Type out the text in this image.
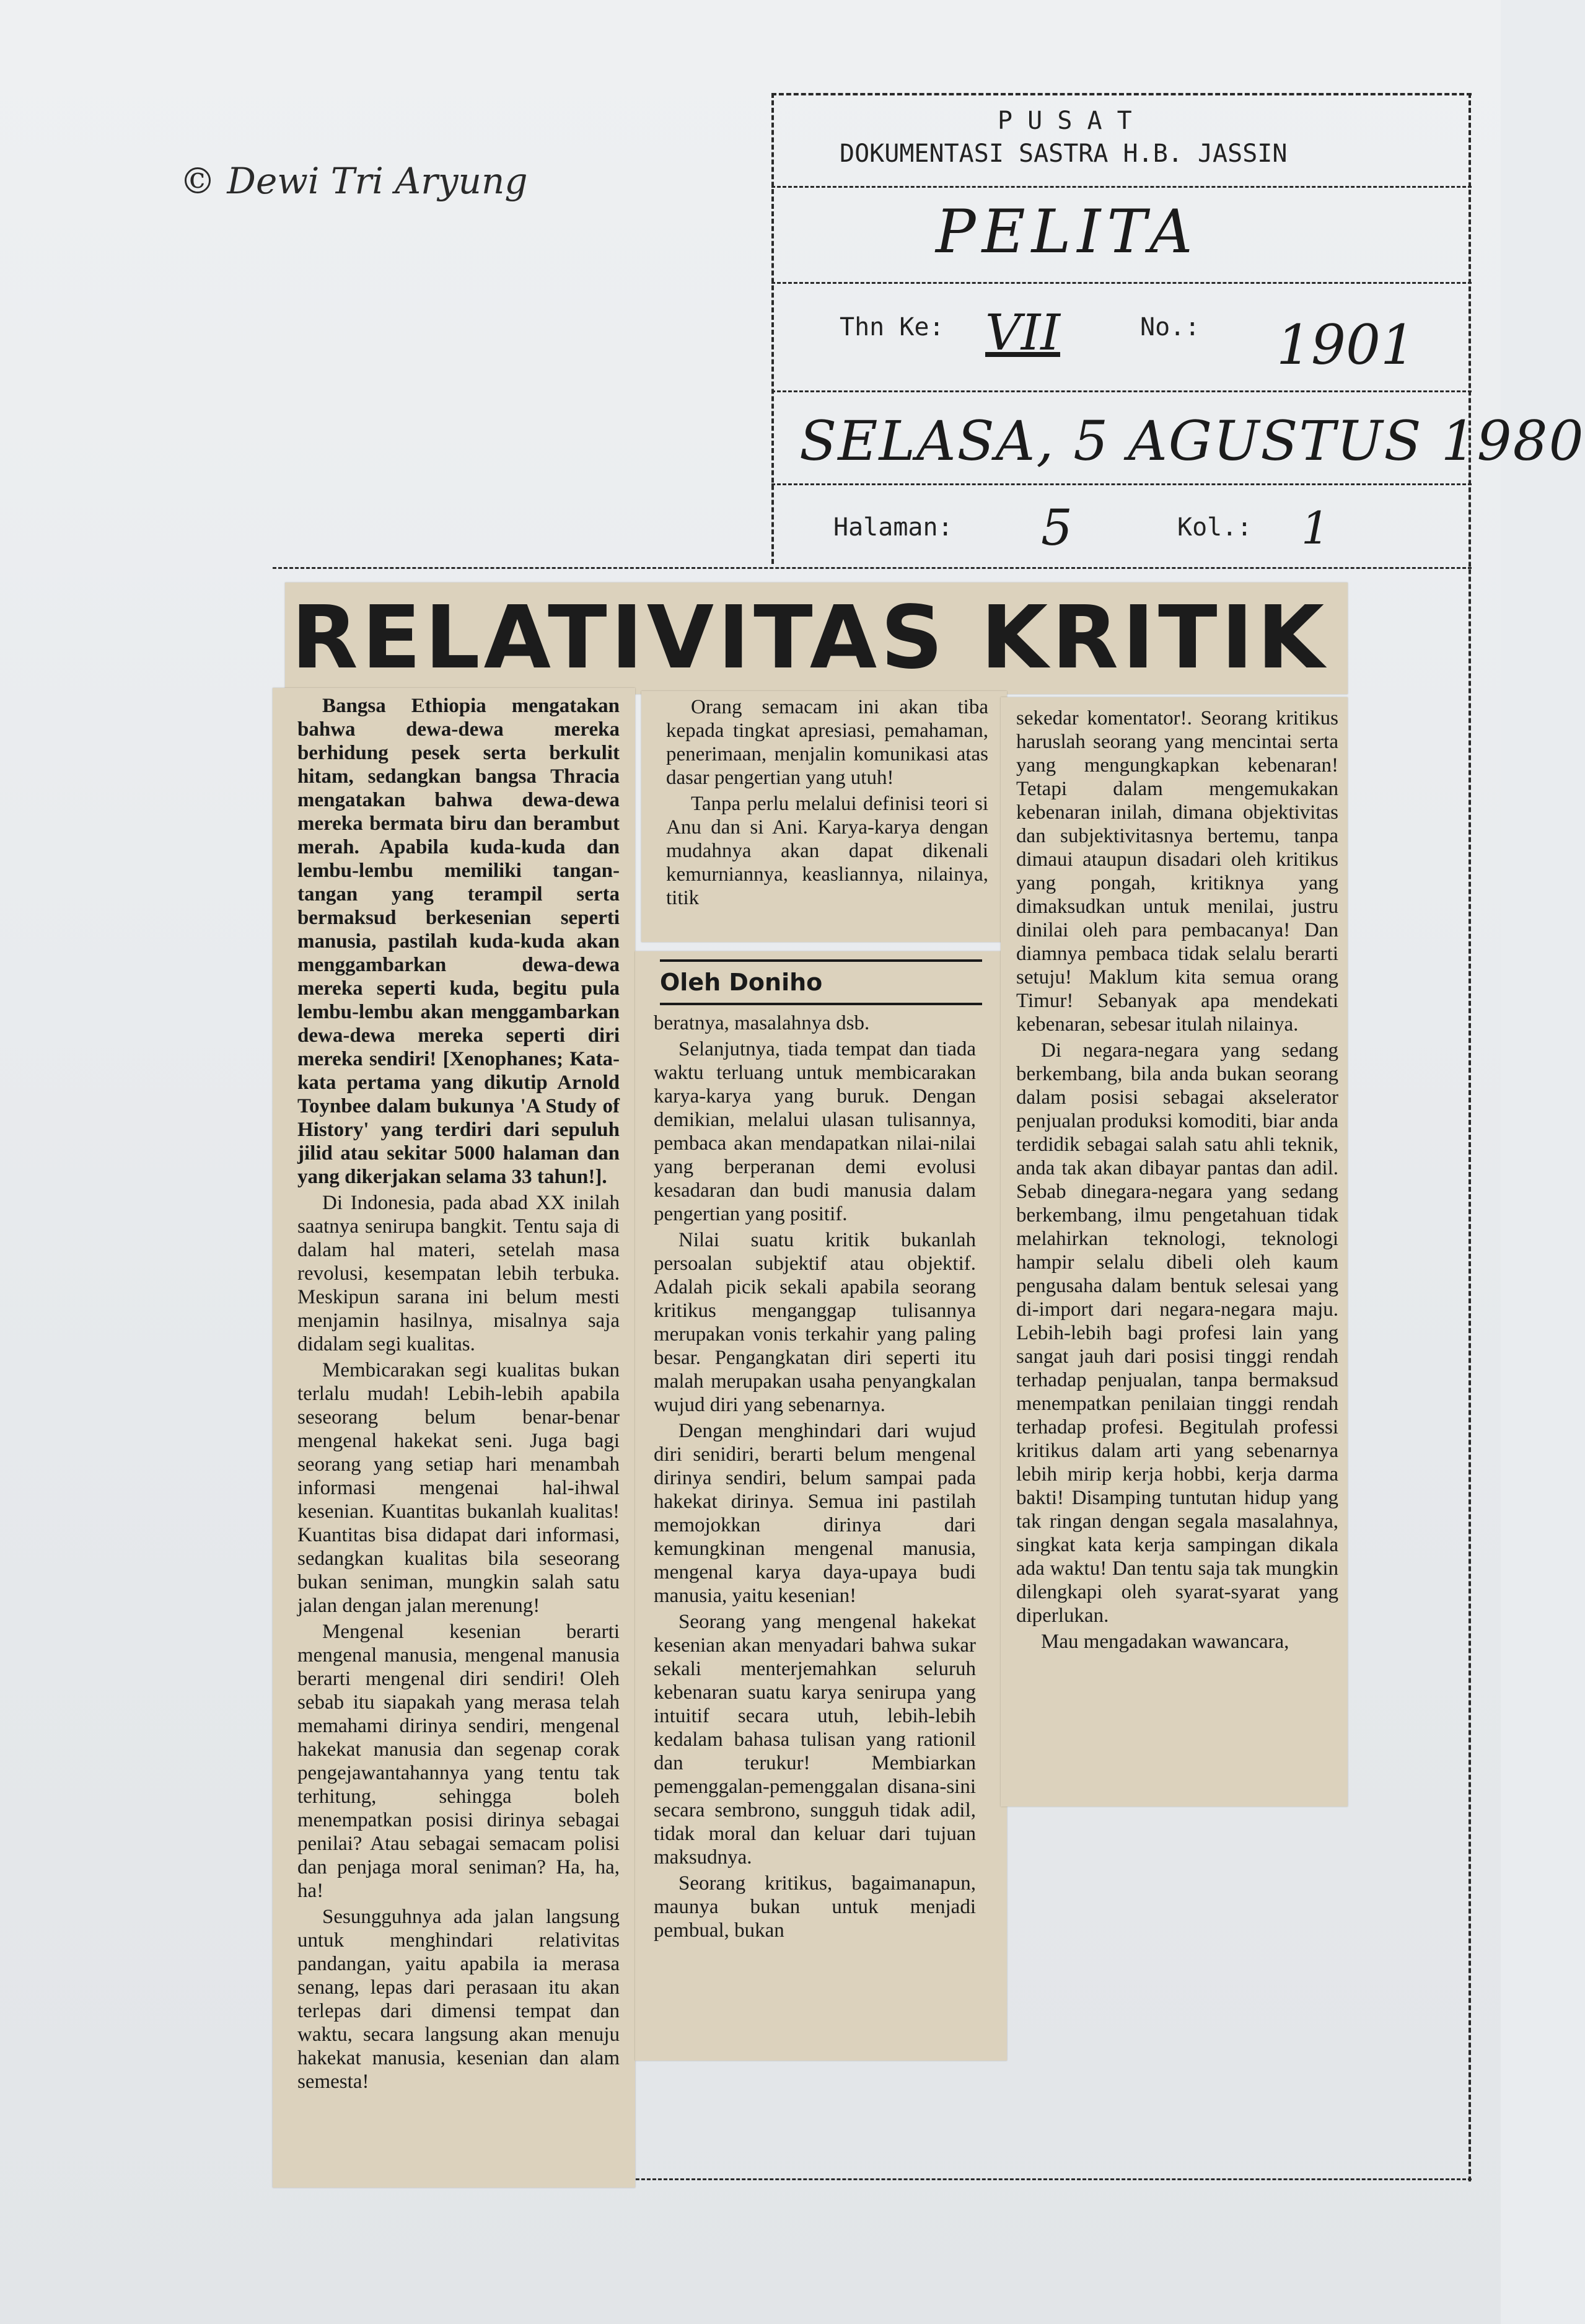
P U S A T
DOKUMENTASI SASTRA H.B. JASSIN
PELITA
Thn Ke: VII	No.: 1901
SELASA, 5 AGUSTUS 1980
Halaman: 5	Kol.: 1
© Dewi Tri Aryung
RELATIVITAS KRITIK

Bangsa Ethiopia mengatakan bahwa dewa-dewa mereka berhidung pesek serta berkulit hitam, sedangkan bangsa Thracia mengatakan bahwa dewa-dewa mereka bermata biru dan berambut merah. Apabila kuda-kuda dan lembu-lembu memiliki tangan-tangan yang terampil serta bermaksud berkesenian seperti manusia, pastilah kuda-kuda akan menggambarkan dewa-dewa mereka seperti kuda, begitu pula lembu-lembu akan menggambarkan dewa-dewa mereka seperti diri mereka sendiri! [Xenophanes; Kata-kata pertama yang dikutip Arnold Toynbee dalam bukunya 'A Study of History' yang terdiri dari sepuluh jilid atau sekitar 5000 halaman dan yang dikerjakan selama 33 tahun!].

Di Indonesia, pada abad XX inilah saatnya senirupa bangkit. Tentu saja di dalam hal materi, setelah masa revolusi, kesempatan lebih terbuka. Meskipun sarana ini belum mesti menjamin hasilnya, misalnya saja didalam segi kualitas.

Membicarakan segi kualitas bukan terlalu mudah! Lebih-lebih apabila seseorang belum benar-benar mengenal hakekat seni. Juga bagi seorang yang setiap hari menambah informasi mengenai hal-ihwal kesenian. Kuantitas bukanlah kualitas! Kuantitas bisa didapat dari informasi, sedangkan kualitas bila seseorang bukan seniman, mungkin salah satu jalan dengan jalan merenung!

Mengenal kesenian berarti mengenal manusia, mengenal manusia berarti mengenal diri sendiri! Oleh sebab itu siapakah yang merasa telah memahami dirinya sendiri, mengenal hakekat manusia dan segenap corak pengejawantahannya yang tentu tak terhitung, sehingga boleh menempatkan posisi dirinya sebagai penilai? Atau sebagai semacam polisi dan penjaga moral seniman? Ha, ha, ha!

Sesungguhnya ada jalan langsung untuk menghindari relativitas pandangan, yaitu apabila ia merasa senang, lepas dari perasaan itu akan terlepas dari dimensi tempat dan waktu, secara langsung akan menuju hakekat manusia, kesenian dan alam semesta!

Orang semacam ini akan tiba kepada tingkat apresiasi, pemahaman, penerimaan, menjalin komunikasi atas dasar pengertian yang utuh!

Tanpa perlu melalui definisi teori si Anu dan si Ani. Karya-karya dengan mudahnya akan dapat dikenali kemurniannya, keasliannya, nilainya, titik

Oleh Doniho

beratnya, masalahnya dsb.

Selanjutnya, tiada tempat dan tiada waktu terluang untuk membicarakan karya-karya yang buruk. Dengan demikian, melalui ulasan tulisannya, pembaca akan mendapatkan nilai-nilai yang berperanan demi evolusi kesadaran dan budi manusia dalam pengertian yang positif.

Nilai suatu kritik bukanlah persoalan subjektif atau objektif. Adalah picik sekali apabila seorang kritikus menganggap tulisannya merupakan vonis terkahir yang paling besar. Pengangkatan diri seperti itu malah merupakan usaha penyangkalan wujud diri yang sebenarnya.

Dengan menghindari dari wujud diri senidiri, berarti belum mengenal dirinya sendiri, belum sampai pada hakekat dirinya. Semua ini pastilah memojokkan dirinya dari kemungkinan mengenal manusia, mengenal karya daya-upaya budi manusia, yaitu kesenian!

Seorang yang mengenal hakekat kesenian akan menyadari bahwa sukar sekali menterjemahkan seluruh kebenaran suatu karya senirupa yang intuitif secara utuh, lebih-lebih kedalam bahasa tulisan yang rationil dan terukur! Membiarkan pemenggalan-pemenggalan disana-sini secara sembrono, sungguh tidak adil, tidak moral dan keluar dari tujuan maksudnya.

Seorang kritikus, bagaimanapun, maunya bukan untuk menjadi pembual, bukan

sekedar komentator!. Seorang kritikus haruslah seorang yang mencintai serta yang mengungkapkan kebenaran! Tetapi dalam mengemukakan kebenaran inilah, dimana objektivitas dan subjektivitasnya bertemu, tanpa dimaui ataupun disadari oleh kritikus yang pongah, kritiknya yang dimaksudkan untuk menilai, justru dinilai oleh para pembacanya! Dan diamnya pembaca tidak selalu berarti setuju! Maklum kita semua orang Timur! Sebanyak apa mendekati kebenaran, sebesar itulah nilainya.

Di negara-negara yang sedang berkembang, bila anda bukan seorang dalam posisi sebagai akselerator penjualan produksi komoditi, biar anda terdidik sebagai salah satu ahli teknik, anda tak akan dibayar pantas dan adil. Sebab dinegara-negara yang sedang berkembang, ilmu pengetahuan tidak melahirkan teknologi, teknologi hampir selalu dibeli oleh kaum pengusaha dalam bentuk selesai yang di-import dari negara-negara maju. Lebih-lebih bagi profesi lain yang sangat jauh dari posisi tinggi rendah terhadap penjualan, tanpa bermaksud menempatkan penilaian tinggi rendah terhadap profesi. Begitulah professi kritikus dalam arti yang sebenarnya lebih mirip kerja hobbi, kerja darma bakti! Disamping tuntutan hidup yang tak ringan dengan segala masalahnya, singkat kata kerja sampingan dikala ada waktu! Dan tentu saja tak mungkin dilengkapi oleh syarat-syarat yang diperlukan.

Mau mengadakan wawancara,
